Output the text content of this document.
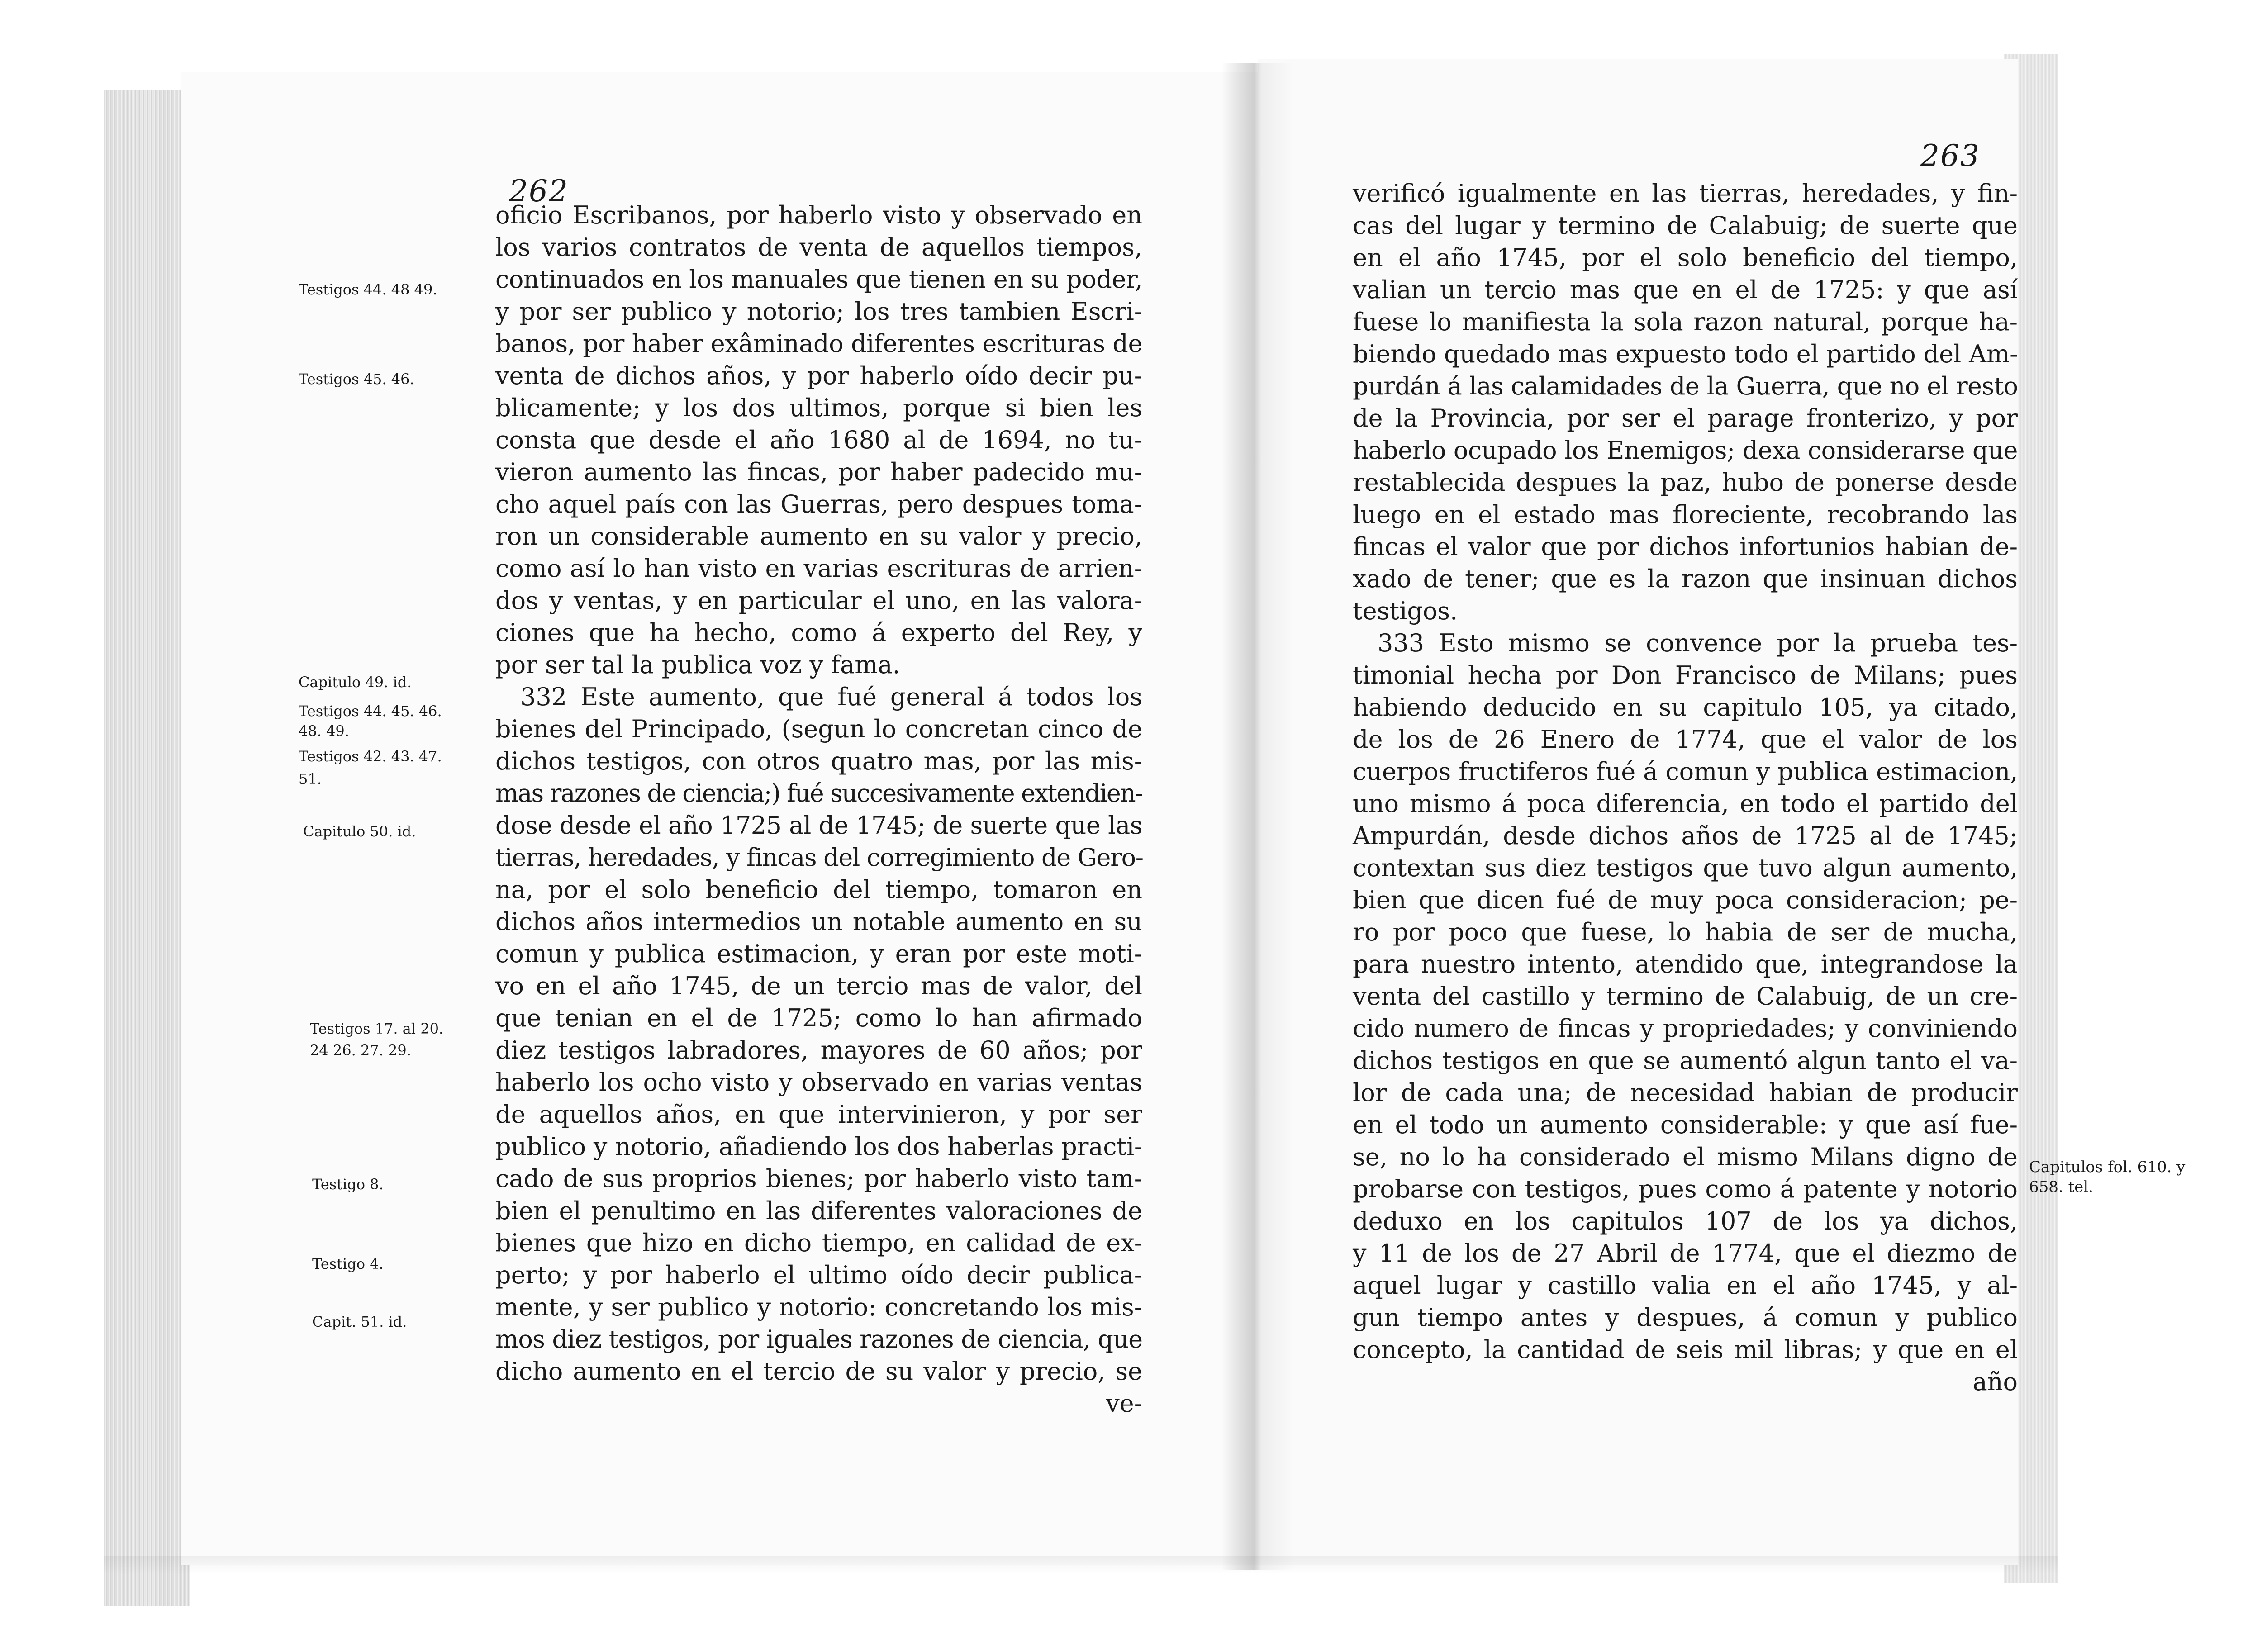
262
oficio Escribanos, por haberlo visto y observado en
los varios contratos de venta de aquellos tiempos,
continuados en los manuales que tienen en su poder,
y por ser publico y notorio; los tres tambien Escri-
banos, por haber exâminado diferentes escrituras de
venta de dichos años, y por haberlo oído decir pu-
blicamente; y los dos ultimos, porque si bien les
consta que desde el año 1680 al de 1694, no tu-
vieron aumento las fincas, por haber padecido mu-
cho aquel país con las Guerras, pero despues toma-
ron un considerable aumento en su valor y precio,
como así lo han visto en varias escrituras de arrien-
dos y ventas, y en particular el uno, en las valora-
ciones que ha hecho, como á experto del Rey, y
por ser tal la publica voz y fama.
332 Este aumento, que fué general á todos los
bienes del Principado, (segun lo concretan cinco de
dichos testigos, con otros quatro mas, por las mis-
mas razones de ciencia;) fué succesivamente extendien-
dose desde el año 1725 al de 1745; de suerte que las
tierras, heredades, y fincas del corregimiento de Gero-
na, por el solo beneficio del tiempo, tomaron en
dichos años intermedios un notable aumento en su
comun y publica estimacion, y eran por este moti-
vo en el año 1745, de un tercio mas de valor, del
que tenian en el de 1725; como lo han afirmado
diez testigos labradores, mayores de 60 años; por
haberlo los ocho visto y observado en varias ventas
de aquellos años, en que intervinieron, y por ser
publico y notorio, añadiendo los dos haberlas practi-
cado de sus proprios bienes; por haberlo visto tam-
bien el penultimo en las diferentes valoraciones de
bienes que hizo en dicho tiempo, en calidad de ex-
perto; y por haberlo el ultimo oído decir publica-
mente, y ser publico y notorio: concretando los mis-
mos diez testigos, por iguales razones de ciencia, que
dicho aumento en el tercio de su valor y precio, se
ve-
Testigos 44. 48 49.
Testigos 45. 46.
Capitulo 49. id.
Testigos 44. 45. 46.
48. 49.
Testigos 42. 43. 47.
51.
Capitulo 50. id.
Testigos 17. al 20.
24 26. 27. 29.
Testigo 8.
Testigo 4.
Capit. 51. id.
263
verificó igualmente en las tierras, heredades, y fin-
cas del lugar y termino de Calabuig; de suerte que
en el año 1745, por el solo beneficio del tiempo,
valian un tercio mas que en el de 1725: y que así
fuese lo manifiesta la sola razon natural, porque ha-
biendo quedado mas expuesto todo el partido del Am-
purdán á las calamidades de la Guerra, que no el resto
de la Provincia, por ser el parage fronterizo, y por
haberlo ocupado los Enemigos; dexa considerarse que
restablecida despues la paz, hubo de ponerse desde
luego en el estado mas floreciente, recobrando las
fincas el valor que por dichos infortunios habian de-
xado de tener; que es la razon que insinuan dichos
testigos.
333 Esto mismo se convence por la prueba tes-
timonial hecha por Don Francisco de Milans; pues
habiendo deducido en su capitulo 105, ya citado,
de los de 26 Enero de 1774, que el valor de los
cuerpos fructiferos fué á comun y publica estimacion,
uno mismo á poca diferencia, en todo el partido del
Ampurdán, desde dichos años de 1725 al de 1745;
contextan sus diez testigos que tuvo algun aumento,
bien que dicen fué de muy poca consideracion; pe-
ro por poco que fuese, lo habia de ser de mucha,
para nuestro intento, atendido que, integrandose la
venta del castillo y termino de Calabuig, de un cre-
cido numero de fincas y propriedades; y conviniendo
dichos testigos en que se aumentó algun tanto el va-
lor de cada una; de necesidad habian de producir
en el todo un aumento considerable: y que así fue-
se, no lo ha considerado el mismo Milans digno de
probarse con testigos, pues como á patente y notorio
deduxo en los capitulos 107 de los ya dichos,
y 11 de los de 27 Abril de 1774, que el diezmo de
aquel lugar y castillo valia en el año 1745, y al-
gun tiempo antes y despues, á comun y publico
concepto, la cantidad de seis mil libras; y que en el
año
Capitulos fol. 610. y
658. tel.
